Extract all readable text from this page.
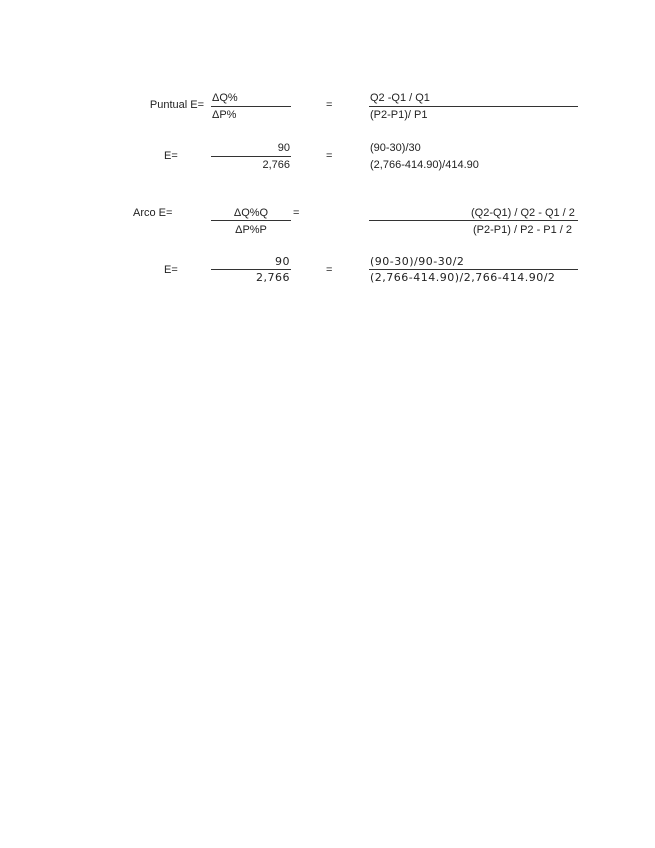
Puntual E=
ΔQ%
ΔP%
=
Q2 -Q1 / Q1
(P2-P1)/ P1
E=
90
2,766
=
(90-30)/30
(2,766-414.90)/414.90
Arco E=	ΔQ%Q
ΔP%P
=	(Q2-Q1) / Q2 - Q1 / 2
(P2-P1) / P2 - P1 / 2
E=
90
2,766
=
(90-30)/90-30/2
(2,766-414.90)/2,766-414.90/2
